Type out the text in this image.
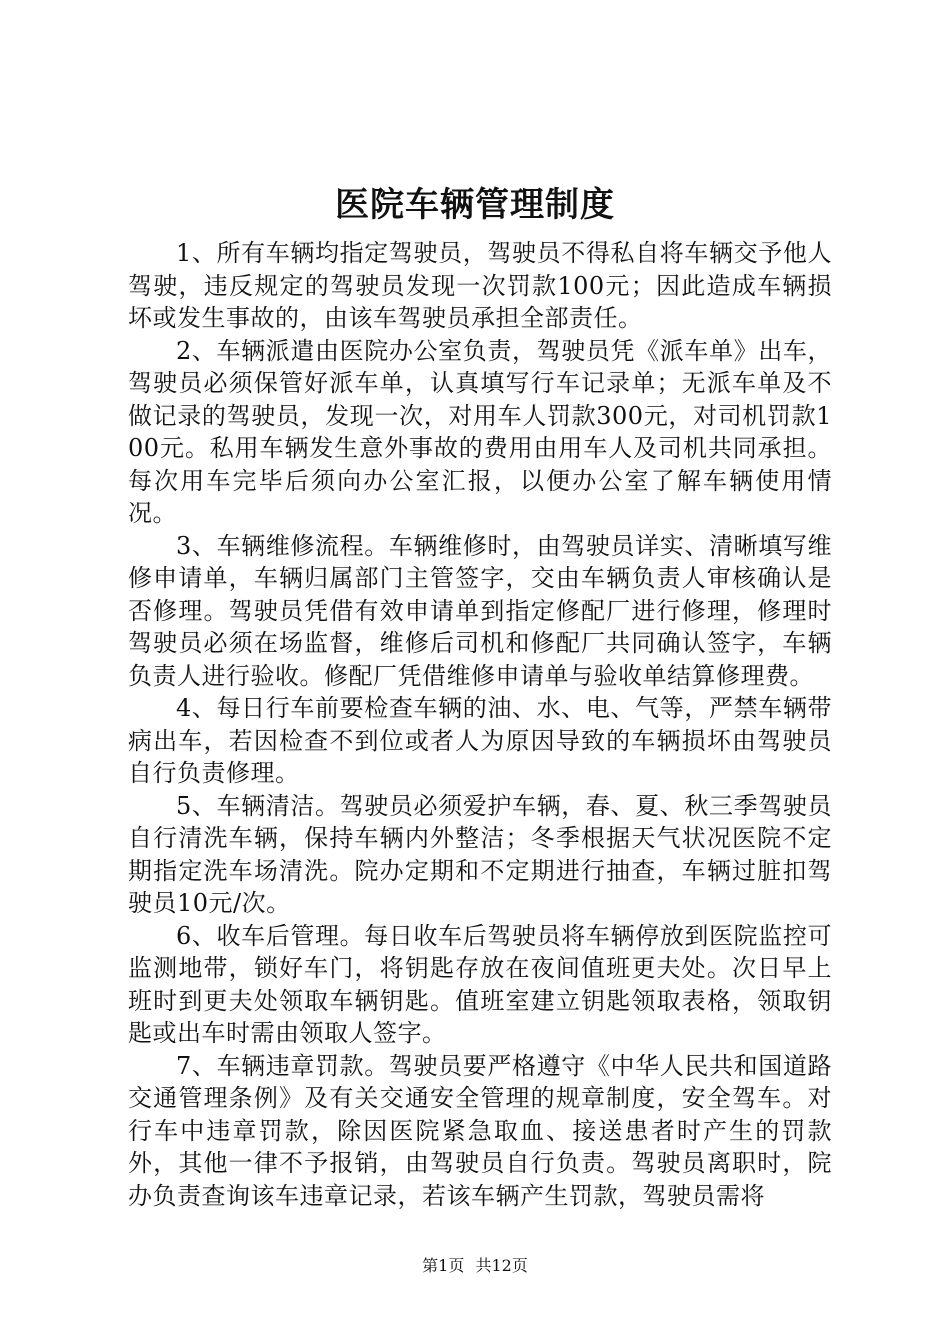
医院车辆管理制度

1、所有车辆均指定驾驶员，驾驶员不得私自将车辆交予他人驾驶，违反规定的驾驶员发现一次罚款100元；因此造成车辆损坏或发生事故的，由该车驾驶员承担全部责任。

2、车辆派遣由医院办公室负责，驾驶员凭《派车单》出车，驾驶员必须保管好派车单，认真填写行车记录单；无派车单及不做记录的驾驶员，发现一次，对用车人罚款300元，对司机罚款100元。私用车辆发生意外事故的费用由用车人及司机共同承担。每次用车完毕后须向办公室汇报，以便办公室了解车辆使用情况。

3、车辆维修流程。车辆维修时，由驾驶员详实、清晰填写维修申请单，车辆归属部门主管签字，交由车辆负责人审核确认是否修理。驾驶员凭借有效申请单到指定修配厂进行修理，修理时驾驶员必须在场监督，维修后司机和修配厂共同确认签字，车辆负责人进行验收。修配厂凭借维修申请单与验收单结算修理费。

4、每日行车前要检查车辆的油、水、电、气等，严禁车辆带病出车，若因检查不到位或者人为原因导致的车辆损坏由驾驶员自行负责修理。

5、车辆清洁。驾驶员必须爱护车辆，春、夏、秋三季驾驶员自行清洗车辆，保持车辆内外整洁；冬季根据天气状况医院不定期指定洗车场清洗。院办定期和不定期进行抽查，车辆过脏扣驾驶员10元/次。

6、收车后管理。每日收车后驾驶员将车辆停放到医院监控可监测地带，锁好车门，将钥匙存放在夜间值班更夫处。次日早上班时到更夫处领取车辆钥匙。值班室建立钥匙领取表格，领取钥匙或出车时需由领取人签字。

7、车辆违章罚款。驾驶员要严格遵守《中华人民共和国道路交通管理条例》及有关交通安全管理的规章制度，安全驾车。对行车中违章罚款，除因医院紧急取血、接送患者时产生的罚款外，其他一律不予报销，由驾驶员自行负责。驾驶员离职时，院办负责查询该车违章记录，若该车辆产生罚款，驾驶员需将

第1页 共12页
